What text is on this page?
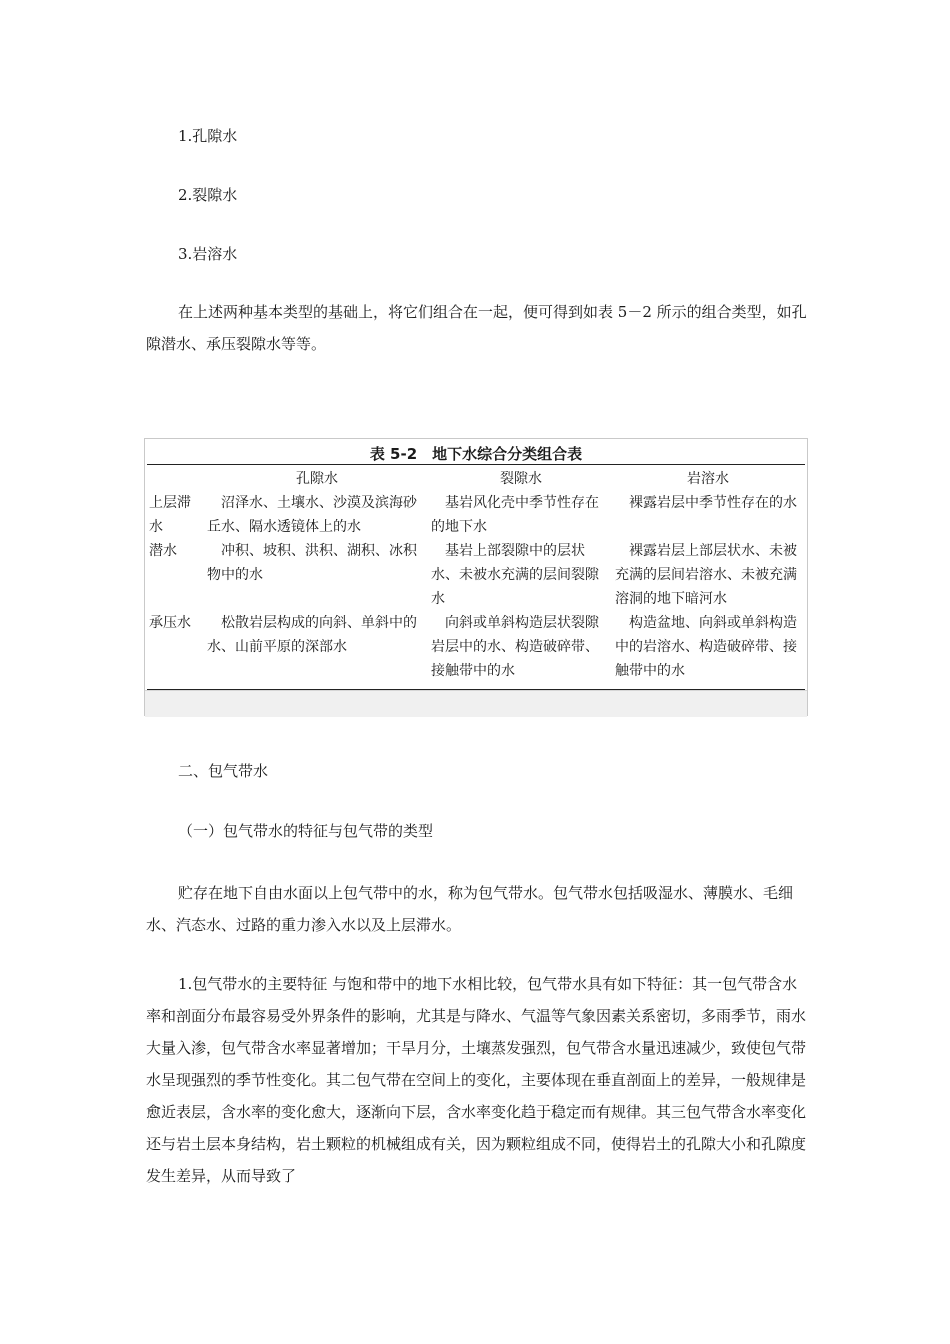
1.孔隙水

2.裂隙水

3.岩溶水

在上述两种基本类型的基础上，将它们组合在一起，便可得到如表 5－2 所示的组合类型，如孔隙潜水、承压裂隙水等等。

表 5-2　地下水综合分类组合表
	孔隙水	裂隙水	岩溶水
上层滞水	沼泽水、土壤水、沙漠及滨海砂丘水、隔水透镜体上的水	基岩风化壳中季节性存在的地下水	裸露岩层中季节性存在的水

潜水	冲积、坡积、洪积、湖积、冰积物中的水	基岩上部裂隙中的层状水、未被水充满的层间裂隙水	裸露岩层上部层状水、未被充满的层间岩溶水、未被充满溶洞的地下暗河水

承压水	松散岩层构成的向斜、单斜中的水、山前平原的深部水	向斜或单斜构造层状裂隙岩层中的水、构造破碎带、接触带中的水	构造盆地、向斜或单斜构造中的岩溶水、构造破碎带、接触带中的水

二、包气带水

（一）包气带水的特征与包气带的类型

贮存在地下自由水面以上包气带中的水，称为包气带水。包气带水包括吸湿水、薄膜水、毛细水、汽态水、过路的重力渗入水以及上层滞水。

1.包气带水的主要特征 与饱和带中的地下水相比较，包气带水具有如下特征：其一包气带含水率和剖面分布最容易受外界条件的影响，尤其是与降水、气温等气象因素关系密切，多雨季节，雨水大量入渗，包气带含水率显著增加；干旱月分，土壤蒸发强烈，包气带含水量迅速减少，致使包气带水呈现强烈的季节性变化。其二包气带在空间上的变化，主要体现在垂直剖面上的差异，一般规律是愈近表层，含水率的变化愈大，逐渐向下层，含水率变化趋于稳定而有规律。其三包气带含水率变化还与岩土层本身结构，岩土颗粒的机械组成有关，因为颗粒组成不同，使得岩土的孔隙大小和孔隙度发生差异，从而导致了
